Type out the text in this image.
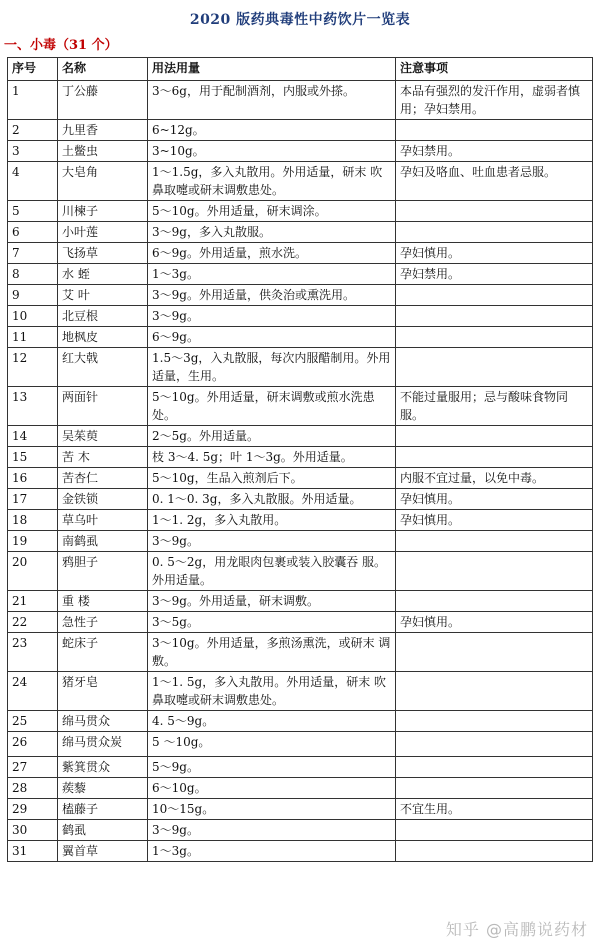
2020 版药典毒性中药饮片一览表
一、小毒（31 个）
序号	名称	用法用量	注意事项
1	丁公藤	3～6g，用于配制酒剂，内服或外搽。	本品有强烈的发汗作用，虚弱者慎用；孕妇禁用。
2	九里香	6~12g。	
3	土鳖虫	3~10g。	孕妇禁用。
4	大皂角	1～1.5g，多入丸散用。外用适量，研末 吹鼻取嚏或研末调敷患处。	孕妇及咯血、吐血患者忌服。
5	川楝子	5～10g。外用适量，研末调涂。	
6	小叶莲	3～9g，多入丸散服。	
7	飞扬草	6～9g。外用适量，煎水洗。	孕妇慎用。
8	水 蛭	1～3g。	孕妇禁用。
9	艾 叶	3～9g。外用适量，供灸治或熏洗用。	
10	北豆根	3～9g。	
11	地枫皮	6～9g。	
12	红大戟	1.5～3g，入丸散服，每次内服醋制用。外用适量，生用。	
13	两面针	5～10g。外用适量，研末调敷或煎水洗患处。	不能过量服用；忌与酸味食物同服。
14	吴茱萸	2～5g。外用适量。	
15	苦 木	枝 3～4. 5g；叶 1～3g。外用适量。	
16	苦杏仁	5～10g，生品入煎剂后下。	内服不宜过量，以免中毒。
17	金铁锁	0. 1～0. 3g，多入丸散服。外用适量。	孕妇慎用。
18	草乌叶	1～1. 2g，多入丸散用。	孕妇慎用。
19	南鹤虱	3～9g。	
20	鸦胆子	0. 5～2g，用龙眼肉包裹或装入胶囊吞 服。外用适量。	
21	重 楼	3～9g。外用适量，研末调敷。	
22	急性子	3～5g。	孕妇慎用。
23	蛇床子	3～10g。外用适量，多煎汤熏洗，或研末 调敷。	
24	猪牙皂	1～1. 5g，多入丸散用。外用适量，研末 吹鼻取嚏或研末调敷患处。	
25	绵马贯众	4. 5～9g。	
26	绵马贯众炭	5 ～10g。	
27	紫箕贯众	5～9g。	
28	蒺藜	6～10g。	
29	榼藤子	10～15g。	不宜生用。
30	鹤虱	3～9g。	
31	翼首草	1～3g。	
知乎 @高鹏说药材
